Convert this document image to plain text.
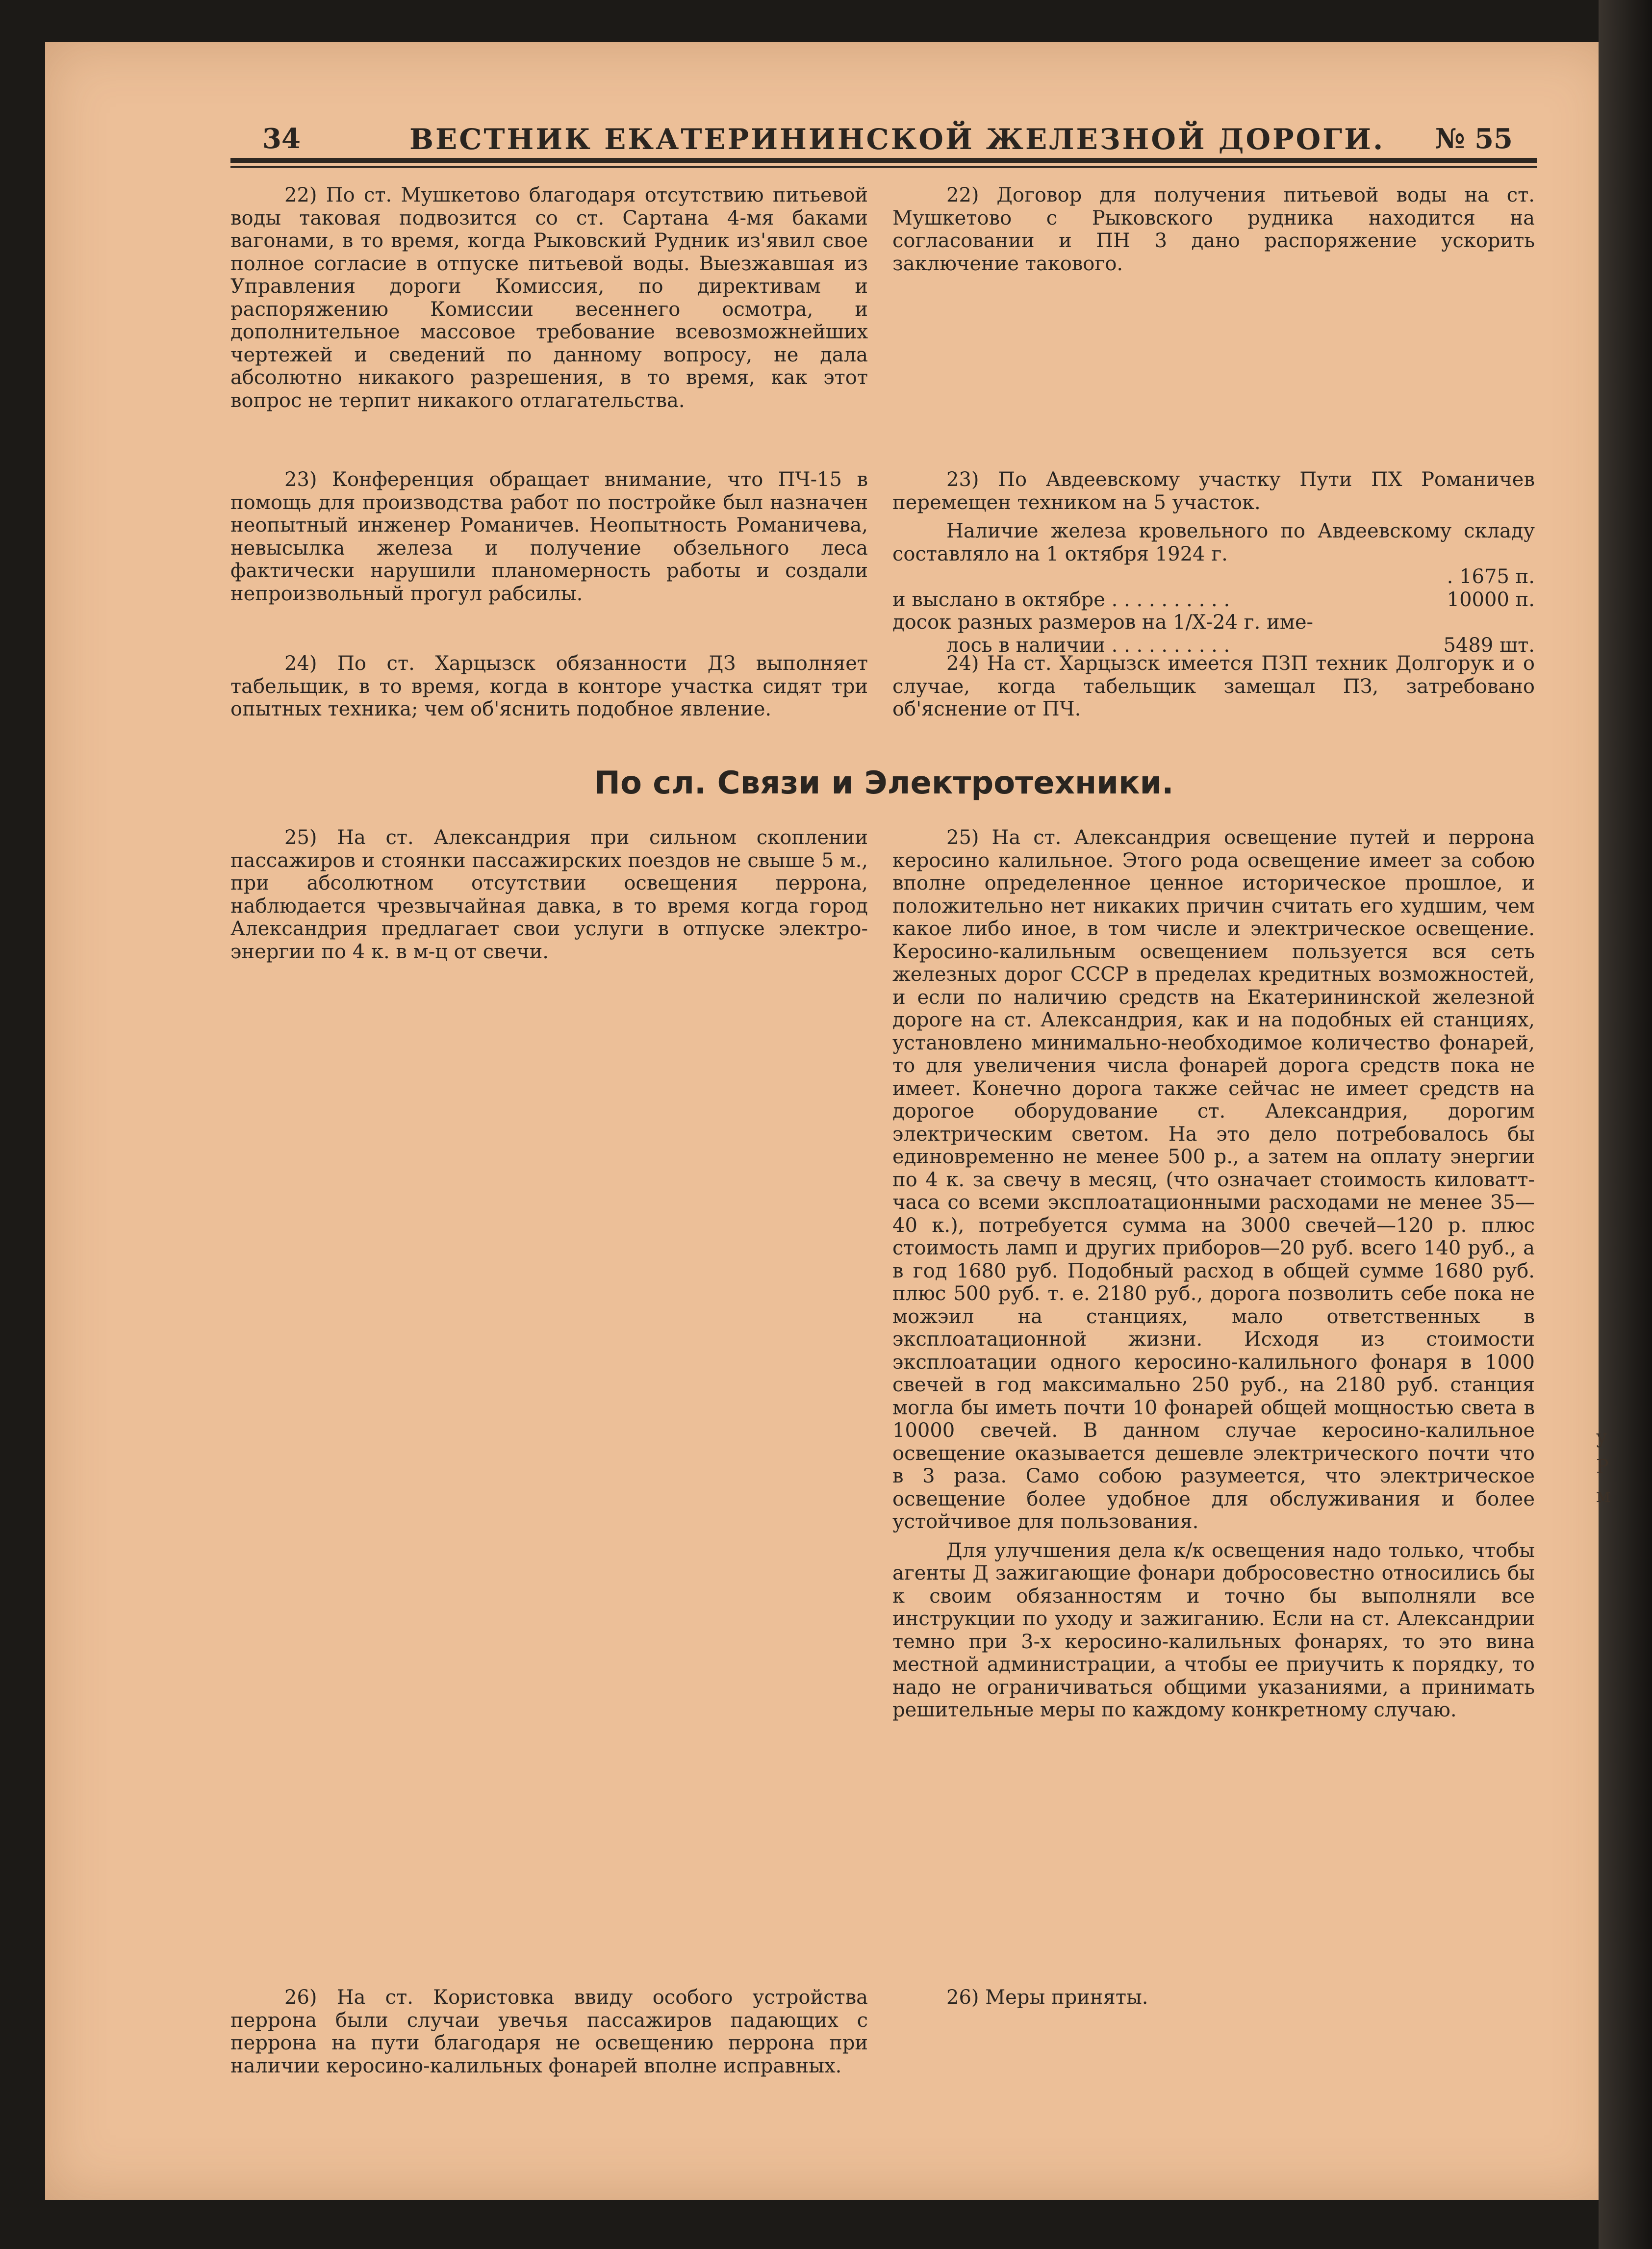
у
Р
м
34	ВЕСТНИК ЕКАТЕРИНИНСКОЙ ЖЕЛЕЗНОЙ ДОРОГИ. № 55

22) По ст. Мушкетово благодаря отсутствию питьевой воды таковая подвозится со ст. Сартана 4-мя баками вагонами, в то время, когда Рыковский Рудник из'явил свое полное согласие в отпуске питьевой воды. Выезжавшая из Управления дороги Комиссия, по директивам и распоряжению Комиссии весеннего осмотра, и дополнительное массовое требование всевозможнейших чертежей и сведений по данному вопросу, не дала абсолютно никакого разрешения, в то время, как этот вопрос не терпит никакого отлагательства.

23) Конференция обращает внимание, что ПЧ-15 в помощь для производства работ по постройке был назначен неопытный инженер Романичев. Неопытность Романичева, невысылка железа и получение обзельного леса фактически нарушили планомерность работы и создали непроизвольный прогул рабсилы.

24) По ст. Харцызск обязанности ДЗ выполняет табельщик, в то время, когда в конторе участка сидят три опытных техника; чем об'яснить подобное явление.

По сл. Связи и Электротехники.

25) На ст. Александрия при сильном скоплении пассажиров и стоянки пассажирских поездов не свыше 5 м., при абсолютном отсутствии освещения перрона, наблюдается чрезвычайная давка, в то время когда город Александрия предлагает свои услуги в отпуске электро-энергии по 4 к. в м-ц от свечи.

26) На ст. Користовка ввиду особого устройства перрона были случаи увечья пассажиров падающих с перрона на пути благодаря не освещению перрона при наличии керосино-калильных фонарей вполне исправных.

22) Договор для получения питьевой воды на ст. Мушкетово с Рыковского рудника находится на согласовании и ПН 3 дано распоряжение ускорить заключение такового.

23) По Авдеевскому участку Пути ПХ Романичев перемещен техником на 5 участок.

Наличие железа кровельного по Авдеевскому складу составляло на 1 октября 1924 г.
. 1675 п.
и выслано в октябре . . . . . . . . . .	10000 п.
досок разных размеров на 1/Х-24 г. име-	
лось в наличии . . . . . . . . . .	5489 шт.

24) На ст. Харцызск имеется ПЗП техник Долгорук и о случае, когда табельщик замещал ПЗ, затребовано об'яснение от ПЧ.

25) На ст. Александрия освещение путей и перрона керосино калильное. Этого рода освещение имеет за собою вполне определенное ценное историческое прошлое, и положительно нет никаких причин считать его худшим, чем какое либо иное, в том числе и электрическое освещение. Керосино-калильным освещением пользуется вся сеть железных дорог СССР в пределах кредитных возможностей, и если по наличию средств на Екатерининской железной дороге на ст. Александрия, как и на подобных ей станциях, установлено минимально-необходимое количество фонарей, то для увеличения числа фонарей дорога средств пока не имеет. Конечно дорога также сейчас не имеет средств на дорогое оборудование ст. Александрия, дорогим электрическим светом. На это дело потребовалось бы единовременно не менее 500 р., а затем на оплату энергии по 4 к. за свечу в месяц, (что означает стоимость киловатт-часа со всеми эксплоатационными расходами не менее 35—40 к.), потребуется сумма на 3000 свечей—120 р. плюс стоимость ламп и других приборов—20 руб. всего 140 руб., а в год 1680 руб. Подобный расход в общей сумме 1680 руб. плюс 500 руб. т. е. 2180 руб., дорога позволить себе пока не можэил на станциях, мало ответственных в эксплоатационной жизни. Исходя из стоимости эксплоатации одного керосино-калильного фонаря в 1000 свечей в год максимально 250 руб., на 2180 руб. станция могла бы иметь почти 10 фонарей общей мощностью света в 10000 свечей. В данном случае керосино-калильное освещение оказывается дешевле электрического почти что в 3 раза. Само собою разумеется, что электрическое освещение более удобное для обслуживания и более устойчивое для пользования.

Для улучшения дела к/к освещения надо только, чтобы агенты Д зажигающие фонари добросовестно относились бы к своим обязанностям и точно бы выполняли все инструкции по уходу и зажиганию. Если на ст. Александрии темно при 3-х керосино-калильных фонарях, то это вина местной администрации, а чтобы ее приучить к порядку, то надо не ограничиваться общими указаниями, а принимать решительные меры по каждому конкретному случаю.

26) Меры приняты.
